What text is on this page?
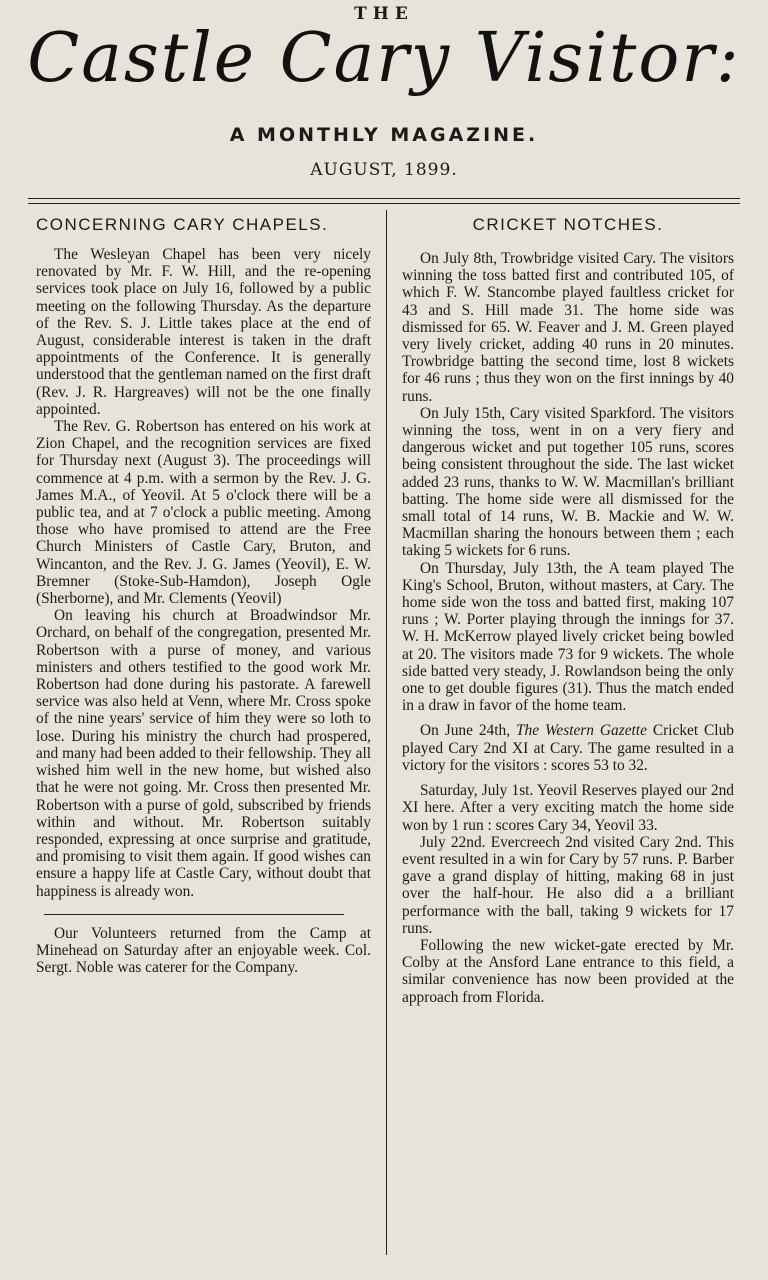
THE
Castle Cary Visitor:
A MONTHLY MAGAZINE.
AUGUST, 1899.
CONCERNING CARY CHAPELS.

The Wesleyan Chapel has been very nicely renovated by Mr. F. W. Hill, and the re-opening services took place on July 16, followed by a public meeting on the following Thursday. As the departure of the Rev. S. J. Little takes place at the end of August, considerable interest is taken in the draft appointments of the Conference. It is generally understood that the gentleman named on the first draft (Rev. J. R. Hargreaves) will not be the one finally appointed.

The Rev. G. Robertson has entered on his work at Zion Chapel, and the recognition services are fixed for Thursday next (August 3). The proceedings will commence at 4 p.m. with a sermon by the Rev. J. G. James M.A., of Yeovil. At 5 o'clock there will be a public tea, and at 7 o'clock a public meeting. Among those who have promised to attend are the Free Church Ministers of Castle Cary, Bruton, and Wincanton, and the Rev. J. G. James (Yeovil), E. W. Bremner (Stoke-Sub-Hamdon), Joseph Ogle (Sherborne), and Mr. Clements (Yeovil)

On leaving his church at Broadwindsor Mr. Orchard, on behalf of the congregation, presented Mr. Robertson with a purse of money, and various ministers and others testified to the good work Mr. Robertson had done during his pastorate. A farewell service was also held at Venn, where Mr. Cross spoke of the nine years' service of him they were so loth to lose. During his ministry the church had prospered, and many had been added to their fellowship. They all wished him well in the new home, but wished also that he were not going. Mr. Cross then presented Mr. Robertson with a purse of gold, subscribed by friends within and without. Mr. Robertson suitably responded, expressing at once surprise and gratitude, and promising to visit them again. If good wishes can ensure a happy life at Castle Cary, without doubt that happiness is already won.

Our Volunteers returned from the Camp at Minehead on Saturday after an enjoyable week. Col. Sergt. Noble was caterer for the Company.

CRICKET NOTCHES.

On July 8th, Trowbridge visited Cary. The visitors winning the toss batted first and contributed 105, of which F. W. Stancombe played faultless cricket for 43 and S. Hill made 31. The home side was dismissed for 65. W. Feaver and J. M. Green played very lively cricket, adding 40 runs in 20 minutes. Trowbridge batting the second time, lost 8 wickets for 46 runs ; thus they won on the first innings by 40 runs.

On July 15th, Cary visited Sparkford. The visitors winning the toss, went in on a very fiery and dangerous wicket and put together 105 runs, scores being consistent throughout the side. The last wicket added 23 runs, thanks to W. W. Macmillan's brilliant batting. The home side were all dismissed for the small total of 14 runs, W. B. Mackie and W. W. Macmillan sharing the honours between them ; each taking 5 wickets for 6 runs.

On Thursday, July 13th, the A team played The King's School, Bruton, without masters, at Cary. The home side won the toss and batted first, making 107 runs ; W. Porter playing through the innings for 37. W. H. McKerrow played lively cricket being bowled at 20. The visitors made 73 for 9 wickets. The whole side batted very steady, J. Rowlandson being the only one to get double figures (31). Thus the match ended in a draw in favor of the home team.

On June 24th, The Western Gazette Cricket Club played Cary 2nd XI at Cary. The game resulted in a victory for the visitors : scores 53 to 32.

Saturday, July 1st. Yeovil Reserves played our 2nd XI here. After a very exciting match the home side won by 1 run : scores Cary 34, Yeovil 33.

July 22nd. Evercreech 2nd visited Cary 2nd. This event resulted in a win for Cary by 57 runs. P. Barber gave a grand display of hitting, making 68 in just over the half-hour. He also did a a brilliant performance with the ball, taking 9 wickets for 17 runs.

Following the new wicket-gate erected by Mr. Colby at the Ansford Lane entrance to this field, a similar convenience has now been provided at the approach from Florida.
